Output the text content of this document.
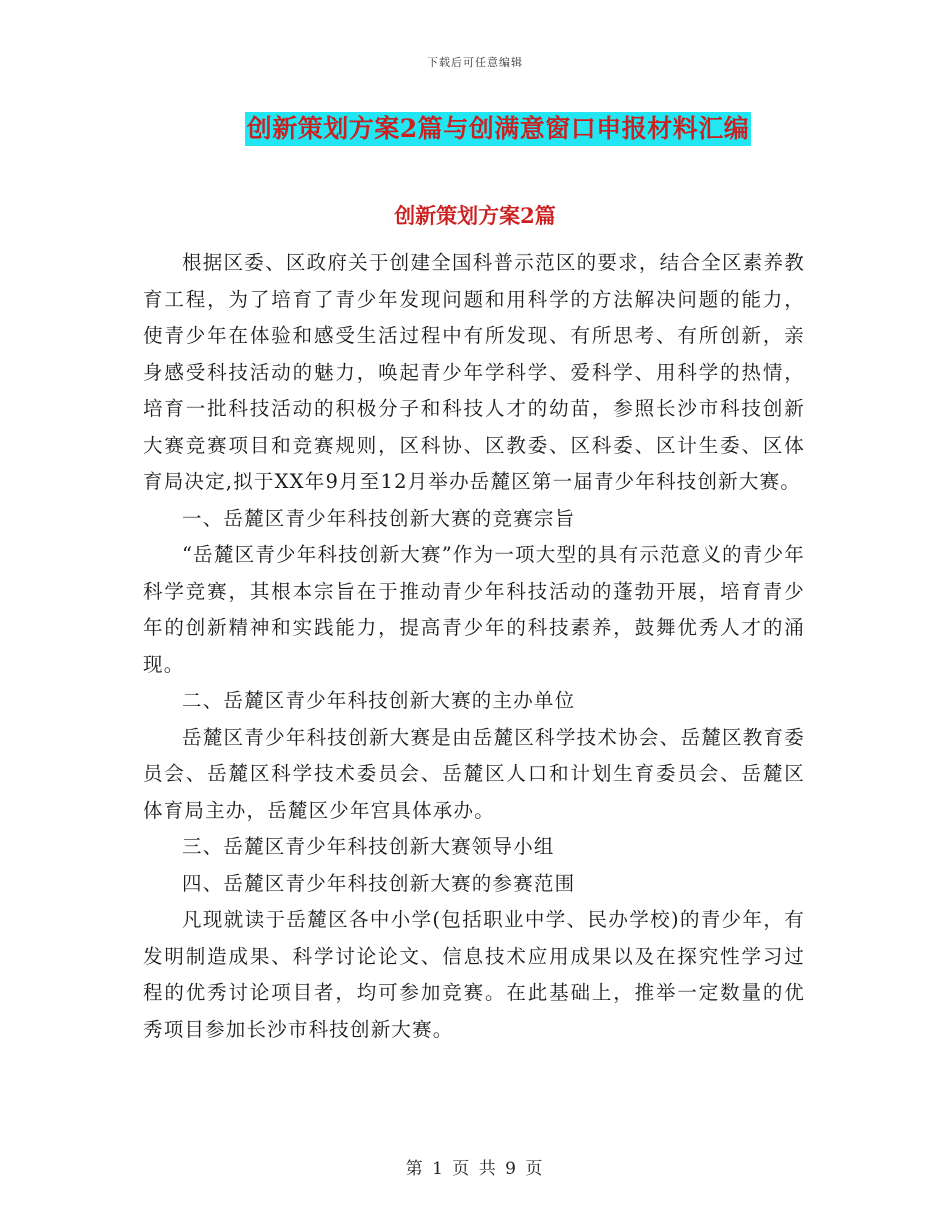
下载后可任意编辑
创新策划方案2篇与创满意窗口申报材料汇编
创新策划方案2篇

根据区委、区政府关于创建全国科普示范区的要求，结合全区素养教育工程，为了培育了青少年发现问题和用科学的方法解决问题的能力，使青少年在体验和感受生活过程中有所发现、有所思考、有所创新，亲身感受科技活动的魅力，唤起青少年学科学、爱科学、用科学的热情，培育一批科技活动的积极分子和科技人才的幼苗，参照长沙市科技创新大赛竞赛项目和竞赛规则，区科协、区教委、区科委、区计生委、区体育局决定,拟于XX年9月至12月举办岳麓区第一届青少年科技创新大赛。

一、岳麓区青少年科技创新大赛的竞赛宗旨

“岳麓区青少年科技创新大赛”作为一项大型的具有示范意义的青少年科学竞赛，其根本宗旨在于推动青少年科技活动的蓬勃开展，培育青少年的创新精神和实践能力，提高青少年的科技素养，鼓舞优秀人才的涌现。

二、岳麓区青少年科技创新大赛的主办单位

岳麓区青少年科技创新大赛是由岳麓区科学技术协会、岳麓区教育委员会、岳麓区科学技术委员会、岳麓区人口和计划生育委员会、岳麓区体育局主办，岳麓区少年宫具体承办。

三、岳麓区青少年科技创新大赛领导小组

四、岳麓区青少年科技创新大赛的参赛范围

凡现就读于岳麓区各中小学(包括职业中学、民办学校)的青少年，有发明制造成果、科学讨论论文、信息技术应用成果以及在探究性学习过程的优秀讨论项目者，均可参加竞赛。在此基础上，推举一定数量的优秀项目参加长沙市科技创新大赛。

第 1 页 共 9 页
